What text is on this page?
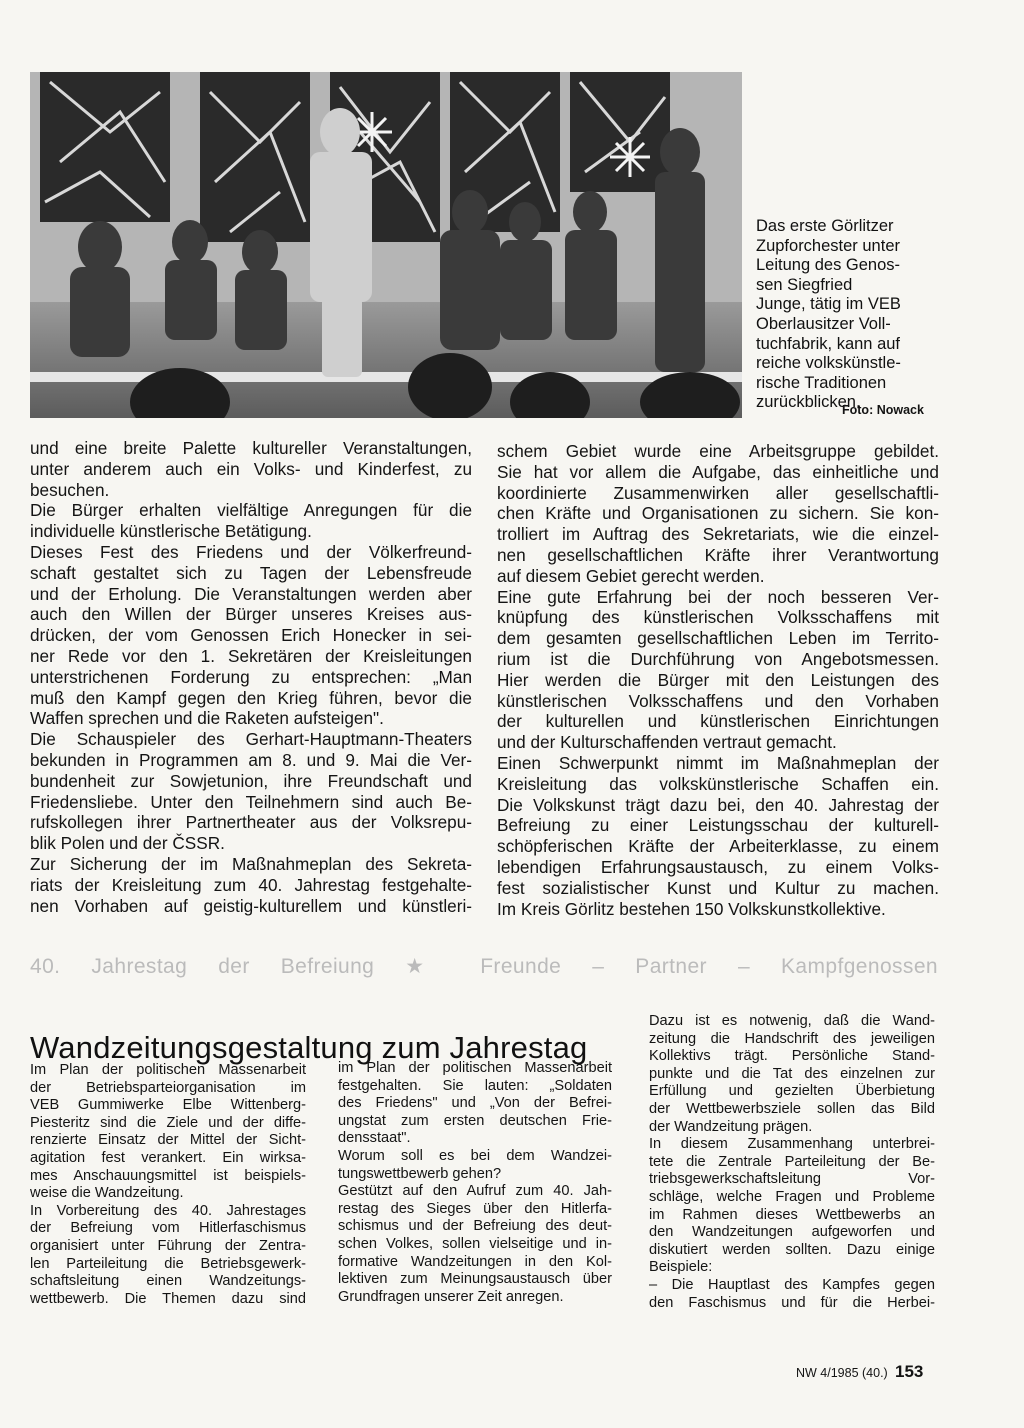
Das erste Görlitzer
Zupforchester unter
Leitung des Genos-
sen Siegfried
Junge, tätig im VEB
Oberlausitzer Voll-
tuchfabrik, kann auf
reiche volkskünstle-
rische Traditionen
zurückblicken.
Foto: Nowack
und eine breite Palette kultureller Veranstaltungen,
unter anderem auch ein Volks- und Kinderfest, zu
besuchen.
Die Bürger erhalten vielfältige Anregungen für die
individuelle künstlerische Betätigung.
Dieses Fest des Friedens und der Völkerfreund-
schaft gestaltet sich zu Tagen der Lebensfreude
und der Erholung. Die Veranstaltungen werden aber
auch den Willen der Bürger unseres Kreises aus-
drücken, der vom Genossen Erich Honecker in sei-
ner Rede vor den 1. Sekretären der Kreisleitungen
unterstrichenen Forderung zu entsprechen: „Man
muß den Kampf gegen den Krieg führen, bevor die
Waffen sprechen und die Raketen aufsteigen".
Die Schauspieler des Gerhart-Hauptmann-Theaters
bekunden in Programmen am 8. und 9. Mai die Ver-
bundenheit zur Sowjetunion, ihre Freundschaft und
Friedensliebe. Unter den Teilnehmern sind auch Be-
rufskollegen ihrer Partnertheater aus der Volksrepu-
blik Polen und der ČSSR.
Zur Sicherung der im Maßnahmeplan des Sekreta-
riats der Kreisleitung zum 40. Jahrestag festgehalte-
nen Vorhaben auf geistig-kulturellem und künstleri-
schem Gebiet wurde eine Arbeitsgruppe gebildet.
Sie hat vor allem die Aufgabe, das einheitliche und
koordinierte Zusammenwirken aller gesellschaftli-
chen Kräfte und Organisationen zu sichern. Sie kon-
trolliert im Auftrag des Sekretariats, wie die einzel-
nen gesellschaftlichen Kräfte ihrer Verantwortung
auf diesem Gebiet gerecht werden.
Eine gute Erfahrung bei der noch besseren Ver-
knüpfung des künstlerischen Volksschaffens mit
dem gesamten gesellschaftlichen Leben im Territo-
rium ist die Durchführung von Angebotsmessen.
Hier werden die Bürger mit den Leistungen des
künstlerischen Volksschaffens und den Vorhaben
der kulturellen und künstlerischen Einrichtungen
und der Kulturschaffenden vertraut gemacht.
Einen Schwerpunkt nimmt im Maßnahmeplan der
Kreisleitung das volkskünstlerische Schaffen ein.
Die Volkskunst trägt dazu bei, den 40. Jahrestag der
Befreiung zu einer Leistungsschau der kulturell-
schöpferischen Kräfte der Arbeiterklasse, zu einem
lebendigen Erfahrungsaustausch, zu einem Volks-
fest sozialistischer Kunst und Kultur zu machen.
Im Kreis Görlitz bestehen 150 Volkskunstkollektive.
40. Jahrestag der Befreiung ★ Freunde – Partner – Kampfgenossen
Wandzeitungsgestaltung zum Jahrestag
Im Plan der politischen Massenarbeit
der Betriebsparteiorganisation im
VEB Gummiwerke Elbe Wittenberg-
Piesteritz sind die Ziele und der diffe-
renzierte Einsatz der Mittel der Sicht-
agitation fest verankert. Ein wirksa-
mes Anschauungsmittel ist beispiels-
weise die Wandzeitung.
In Vorbereitung des 40. Jahrestages
der Befreiung vom Hitlerfaschismus
organisiert unter Führung der Zentra-
len Parteileitung die Betriebsgewerk-
schaftsleitung einen Wandzeitungs-
wettbewerb. Die Themen dazu sind
im Plan der politischen Massenarbeit
festgehalten. Sie lauten: „Soldaten
des Friedens" und „Von der Befrei-
ungstat zum ersten deutschen Frie-
densstaat".
Worum soll es bei dem Wandzei-
tungswettbewerb gehen?
Gestützt auf den Aufruf zum 40. Jah-
restag des Sieges über den Hitlerfa-
schismus und der Befreiung des deut-
schen Volkes, sollen vielseitige und in-
formative Wandzeitungen in den Kol-
lektiven zum Meinungsaustausch über
Grundfragen unserer Zeit anregen.
Dazu ist es notwenig, daß die Wand-
zeitung die Handschrift des jeweiligen
Kollektivs trägt. Persönliche Stand-
punkte und die Tat des einzelnen zur
Erfüllung und gezielten Überbietung
der Wettbewerbsziele sollen das Bild
der Wandzeitung prägen.
In diesem Zusammenhang unterbrei-
tete die Zentrale Parteileitung der Be-
triebsgewerkschaftsleitung Vor-
schläge, welche Fragen und Probleme
im Rahmen dieses Wettbewerbs an
den Wandzeitungen aufgeworfen und
diskutiert werden sollten. Dazu einige
Beispiele:
– Die Hauptlast des Kampfes gegen
den Faschismus und für die Herbei-
NW 4/1985 (40.) 153
